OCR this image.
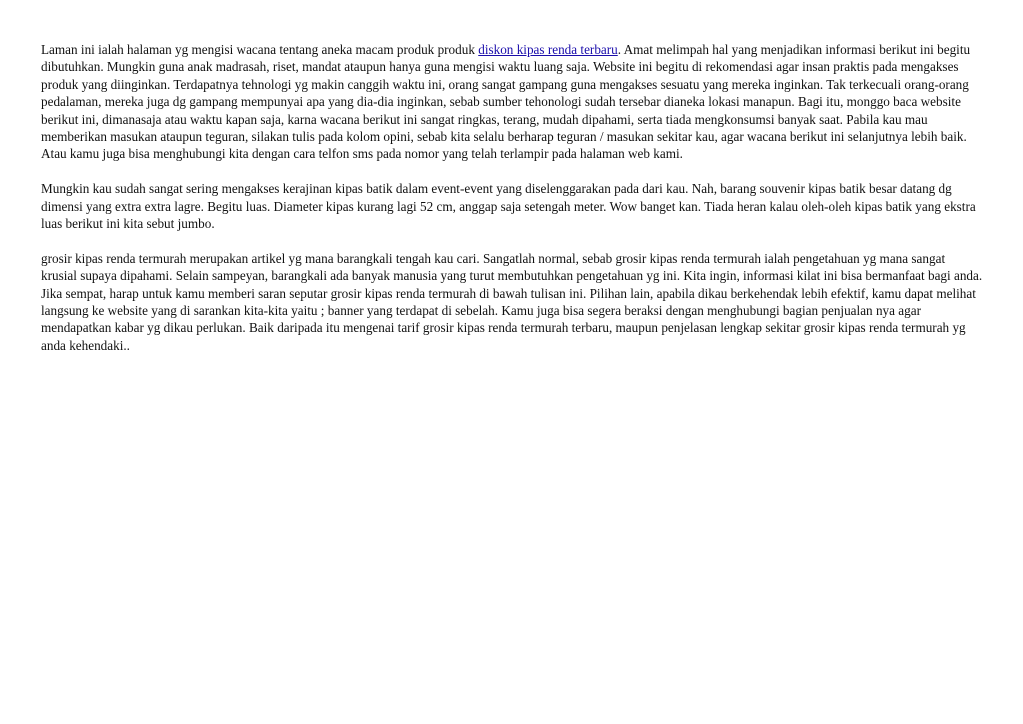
Laman ini ialah halaman yg mengisi wacana tentang aneka macam produk produk diskon kipas renda terbaru. Amat melimpah hal yang menjadikan informasi berikut ini begitu dibutuhkan. Mungkin guna anak madrasah, riset, mandat ataupun hanya guna mengisi waktu luang saja. Website ini begitu di rekomendasi agar insan praktis pada mengakses produk yang diinginkan. Terdapatnya tehnologi yg makin canggih waktu ini, orang sangat gampang guna mengakses sesuatu yang mereka inginkan. Tak terkecuali orang-orang pedalaman, mereka juga dg gampang mempunyai apa yang dia-dia inginkan, sebab sumber tehonologi sudah tersebar dianeka lokasi manapun. Bagi itu, monggo baca website berikut ini, dimanasaja atau waktu kapan saja, karna wacana berikut ini sangat ringkas, terang, mudah dipahami, serta tiada mengkonsumsi banyak saat. Pabila kau mau memberikan masukan ataupun teguran, silakan tulis pada kolom opini, sebab kita selalu berharap teguran / masukan sekitar kau, agar wacana berikut ini selanjutnya lebih baik. Atau kamu juga bisa menghubungi kita dengan cara telfon sms pada nomor yang telah terlampir pada halaman web kami.

Mungkin kau sudah sangat sering mengakses kerajinan kipas batik dalam event-event yang diselenggarakan pada dari kau. Nah, barang souvenir kipas batik besar datang dg dimensi yang extra extra lagre. Begitu luas. Diameter kipas kurang lagi 52 cm, anggap saja setengah meter. Wow banget kan. Tiada heran kalau oleh-oleh kipas batik yang ekstra luas berikut ini kita sebut jumbo.

grosir kipas renda termurah merupakan artikel yg mana barangkali tengah kau cari. Sangatlah normal, sebab grosir kipas renda termurah ialah pengetahuan yg mana sangat krusial supaya dipahami. Selain sampeyan, barangkali ada banyak manusia yang turut membutuhkan pengetahuan yg ini. Kita ingin, informasi kilat ini bisa bermanfaat bagi anda. Jika sempat, harap untuk kamu memberi saran seputar grosir kipas renda termurah di bawah tulisan ini. Pilihan lain, apabila dikau berkehendak lebih efektif, kamu dapat melihat langsung ke website yang di sarankan kita-kita yaitu ; banner yang terdapat di sebelah. Kamu juga bisa segera beraksi dengan menghubungi bagian penjualan nya agar mendapatkan kabar yg dikau perlukan. Baik daripada itu mengenai tarif grosir kipas renda termurah terbaru, maupun penjelasan lengkap sekitar grosir kipas renda termurah yg anda kehendaki..
